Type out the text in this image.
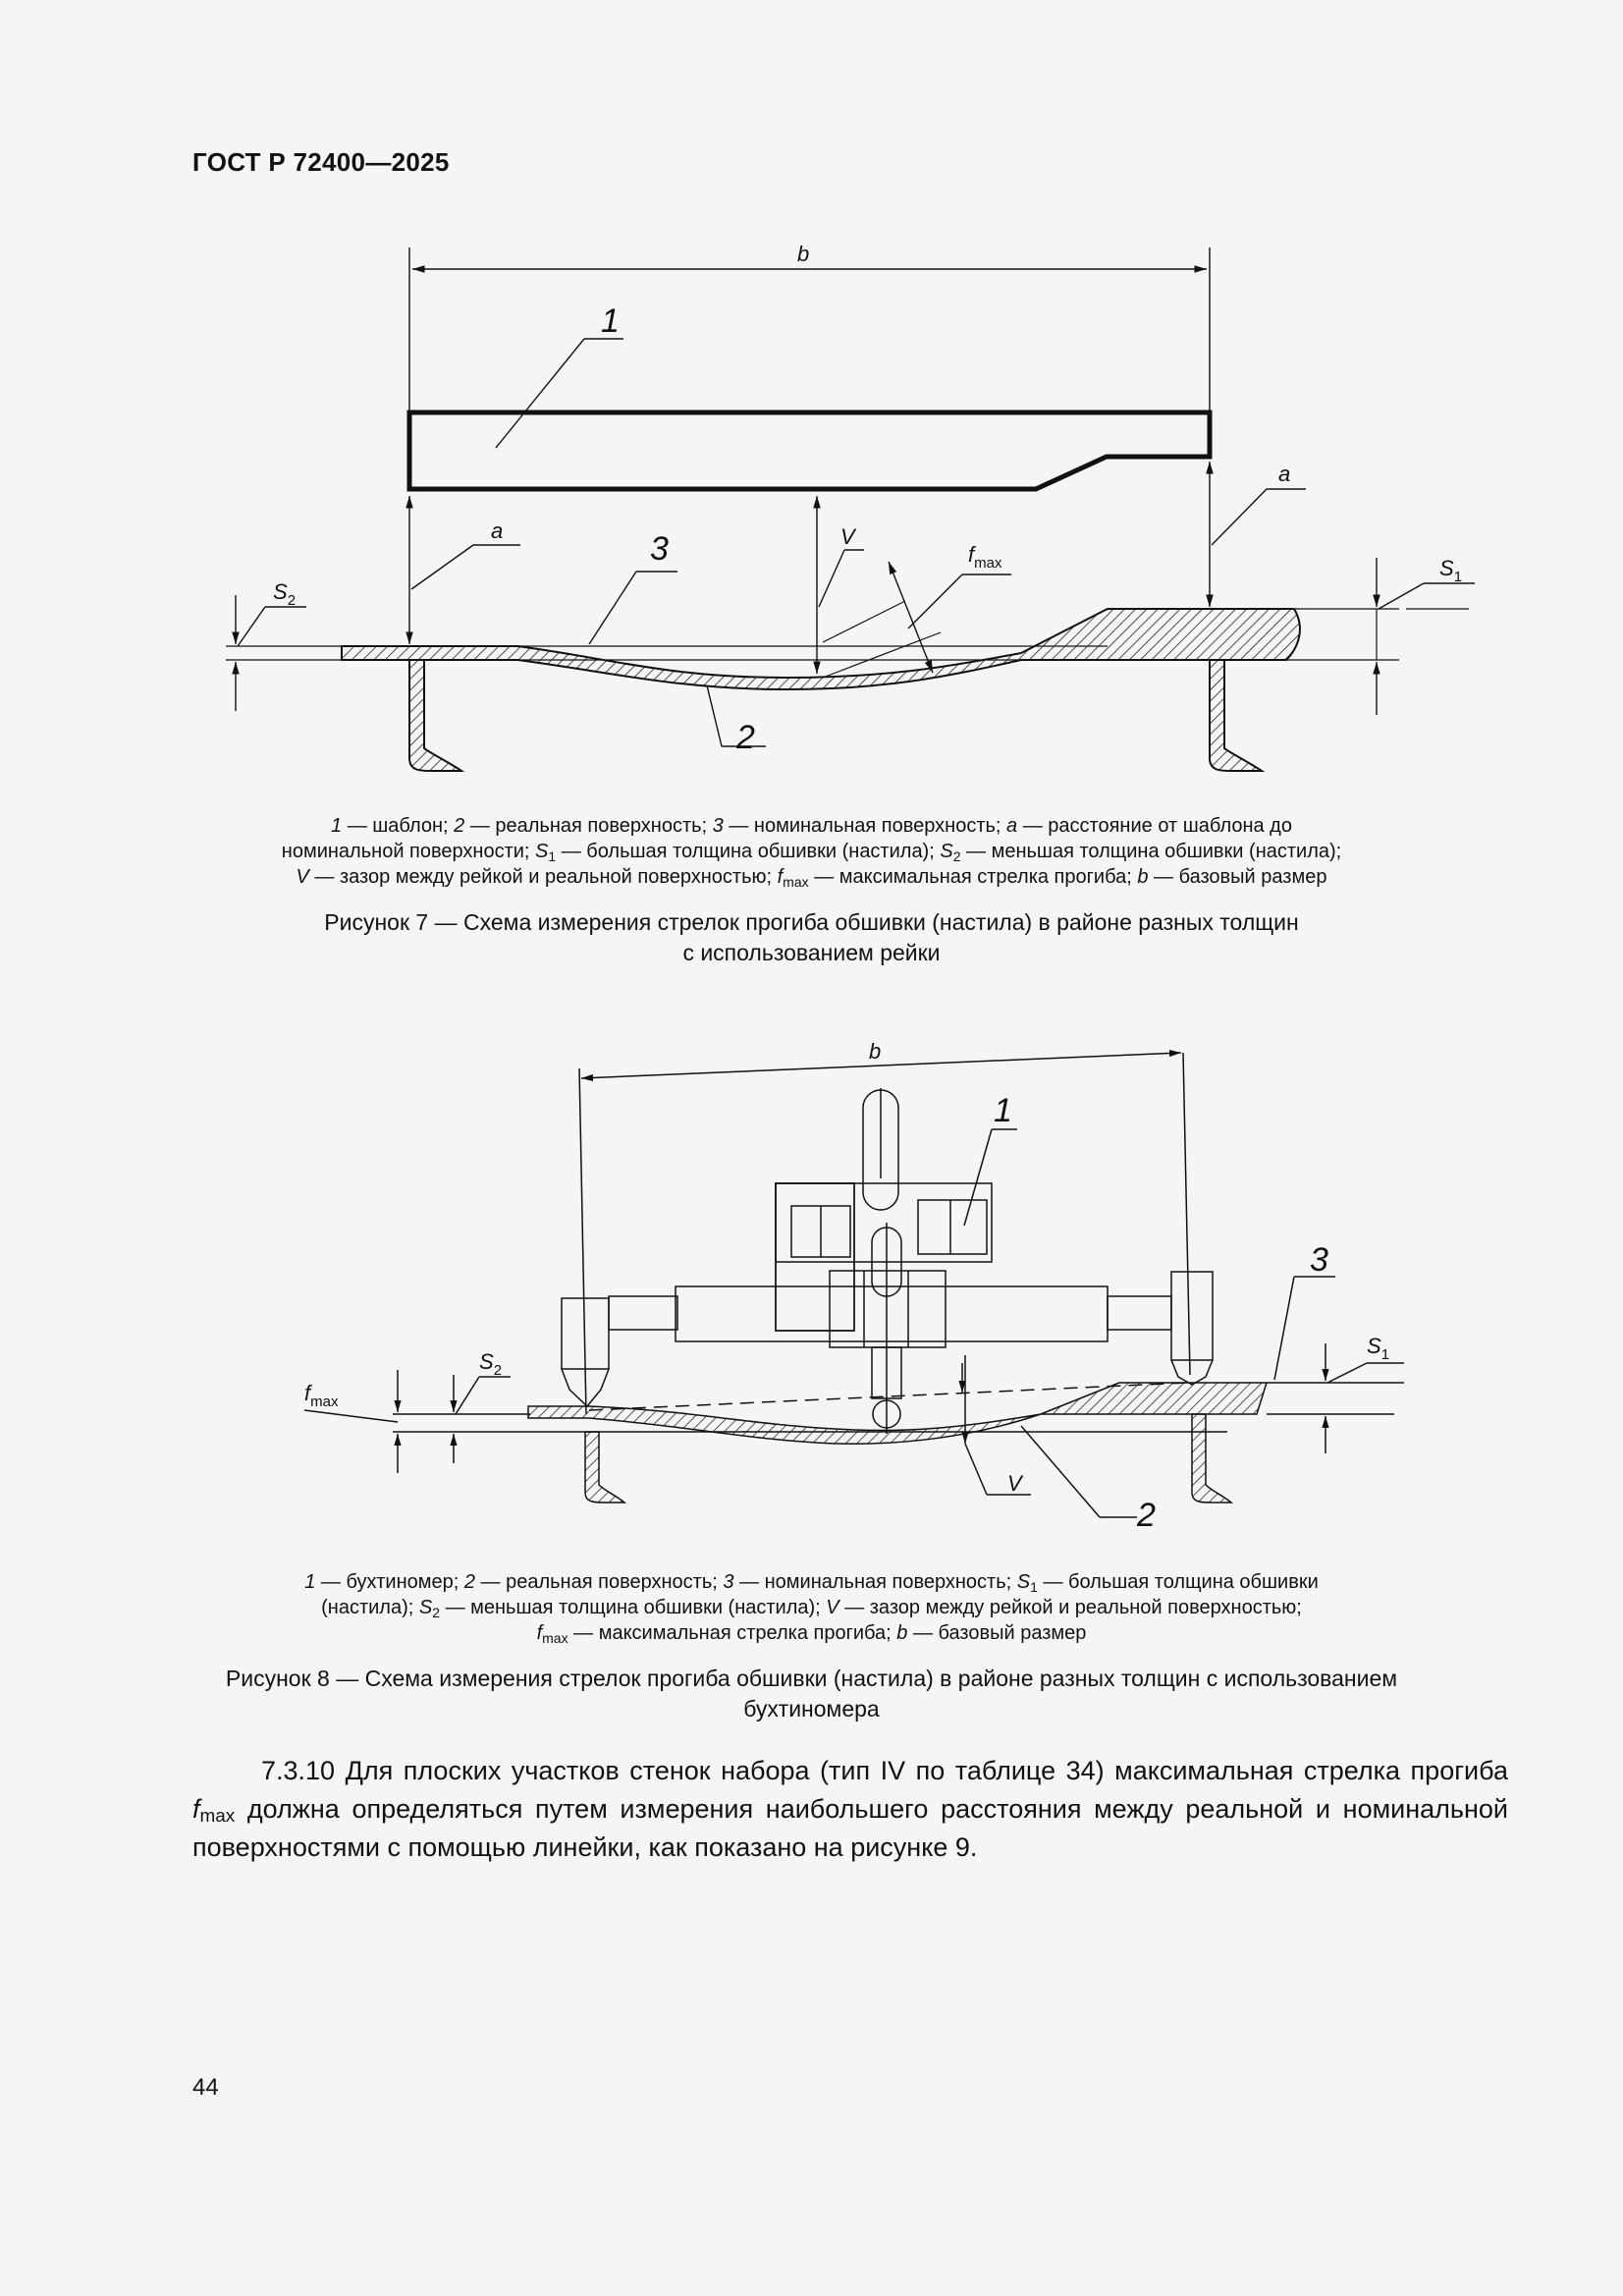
ГОСТ Р 72400—2025
b
1
a
a
3	V
$f_{max}$
2
$S_1$
$S_2$
1 — шаблон; 2 — реальная поверхность; 3 — номинальная поверхность; a — расстояние от шаблона до
номинальной поверхности; $S_1$ — большая толщина обшивки (настила); $S_2$ — меньшая толщина обшивки (настила);
V — зазор между рейкой и реальной поверхностью; $f_{max}$ — максимальная стрелка прогиба; b — базовый размер
Рисунок 7 — Схема измерения стрелок прогиба обшивки (настила) в районе разных толщин
с использованием рейки
b
1
3
2
V
$f_{max}$
$S_2$
$S_1$
1 — бухтиномер; 2 — реальная поверхность; 3 — номинальная поверхность; $S_1$ — большая толщина обшивки
(настила); $S_2$ — меньшая толщина обшивки (настила); V — зазор между рейкой и реальной поверхностью;
$f_{max}$ — максимальная стрелка прогиба; b — базовый размер
Рисунок 8 — Схема измерения стрелок прогиба обшивки (настила) в районе разных толщин с использованием
бухтиномера
7.3.10 Для плоских участков стенок набора (тип IV по таблице 34) максимальная стрелка прогиба $f_{max}$ должна определяться путем измерения наибольшего расстояния между реальной и номинальной поверхностями с помощью линейки, как показано на рисунке 9.
44
